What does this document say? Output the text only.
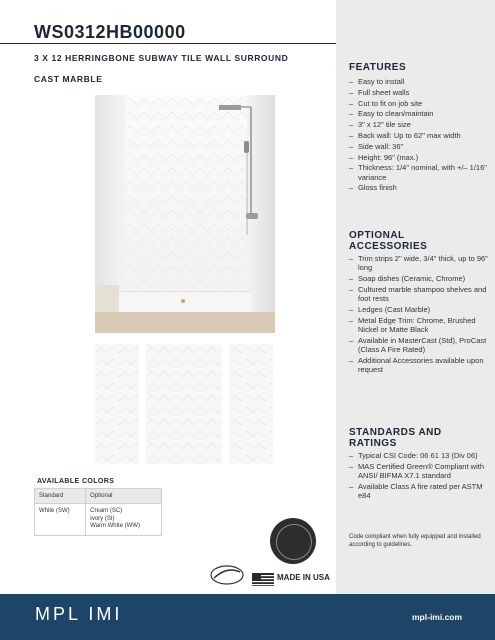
WS0312HB00000
3 X 12 HERRINGBONE SUBWAY TILE WALL SURROUND
CAST MARBLE
FEATURES
– Easy to install
– Full sheet walls
– Cut to fit on job site
– Easy to clean/maintain
– 3" x 12" tile size
– Back wall: Up to 62" max width
– Side wall: 36"
– Height: 96" (max.)
– Thickness: 1/4" nominal, with +/– 1/16" variance
– Gloss finish
OPTIONAL ACCESSORIES
– Trim strips 2" wide, 3/4" thick, up to 96" long
– Soap dishes (Ceramic, Chrome)
– Cultured marble shampoo shelves and foot rests
– Ledges (Cast Marble)
– Metal Edge Trim: Chrome, Brushed Nickel or Matte Black
– Available in MasterCast (Std), ProCast (Class A Fire Rated)
– Additional Accessories available upon request
STANDARDS AND RATINGS
– Typical CSI Code: 06 61 13 (Div 06)
– MAS Certified Green® Compliant with ANSI/ BIFMA X7.1 standard
– Available Class A fire rated per ASTM e84
Code compliant when fully equipped and installed according to guidelines.
AVAILABLE COLORS
Standard	Optional
White (SW)	Cream (SC)
Ivory (SI)
Warm White (WW)
MADE IN USA
MPL IMI	mpl-imi.com
